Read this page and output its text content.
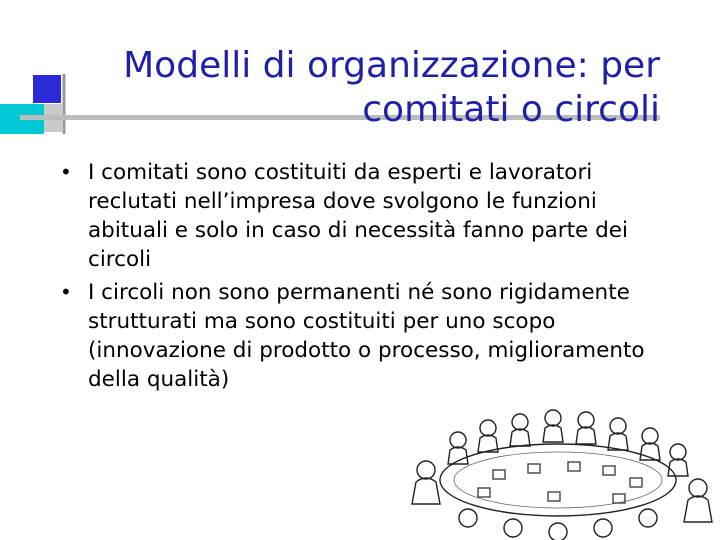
Modelli di organizzazione: per
comitati o circoli
• I comitati sono costituiti da esperti e lavoratori reclutati nell’impresa dove svolgono le funzioni abituali e solo in caso di necessità fanno parte dei circoli
• I circoli non sono permanenti né sono rigidamente strutturati ma sono costituiti per uno scopo (innovazione di prodotto o processo, miglioramento della qualità)
